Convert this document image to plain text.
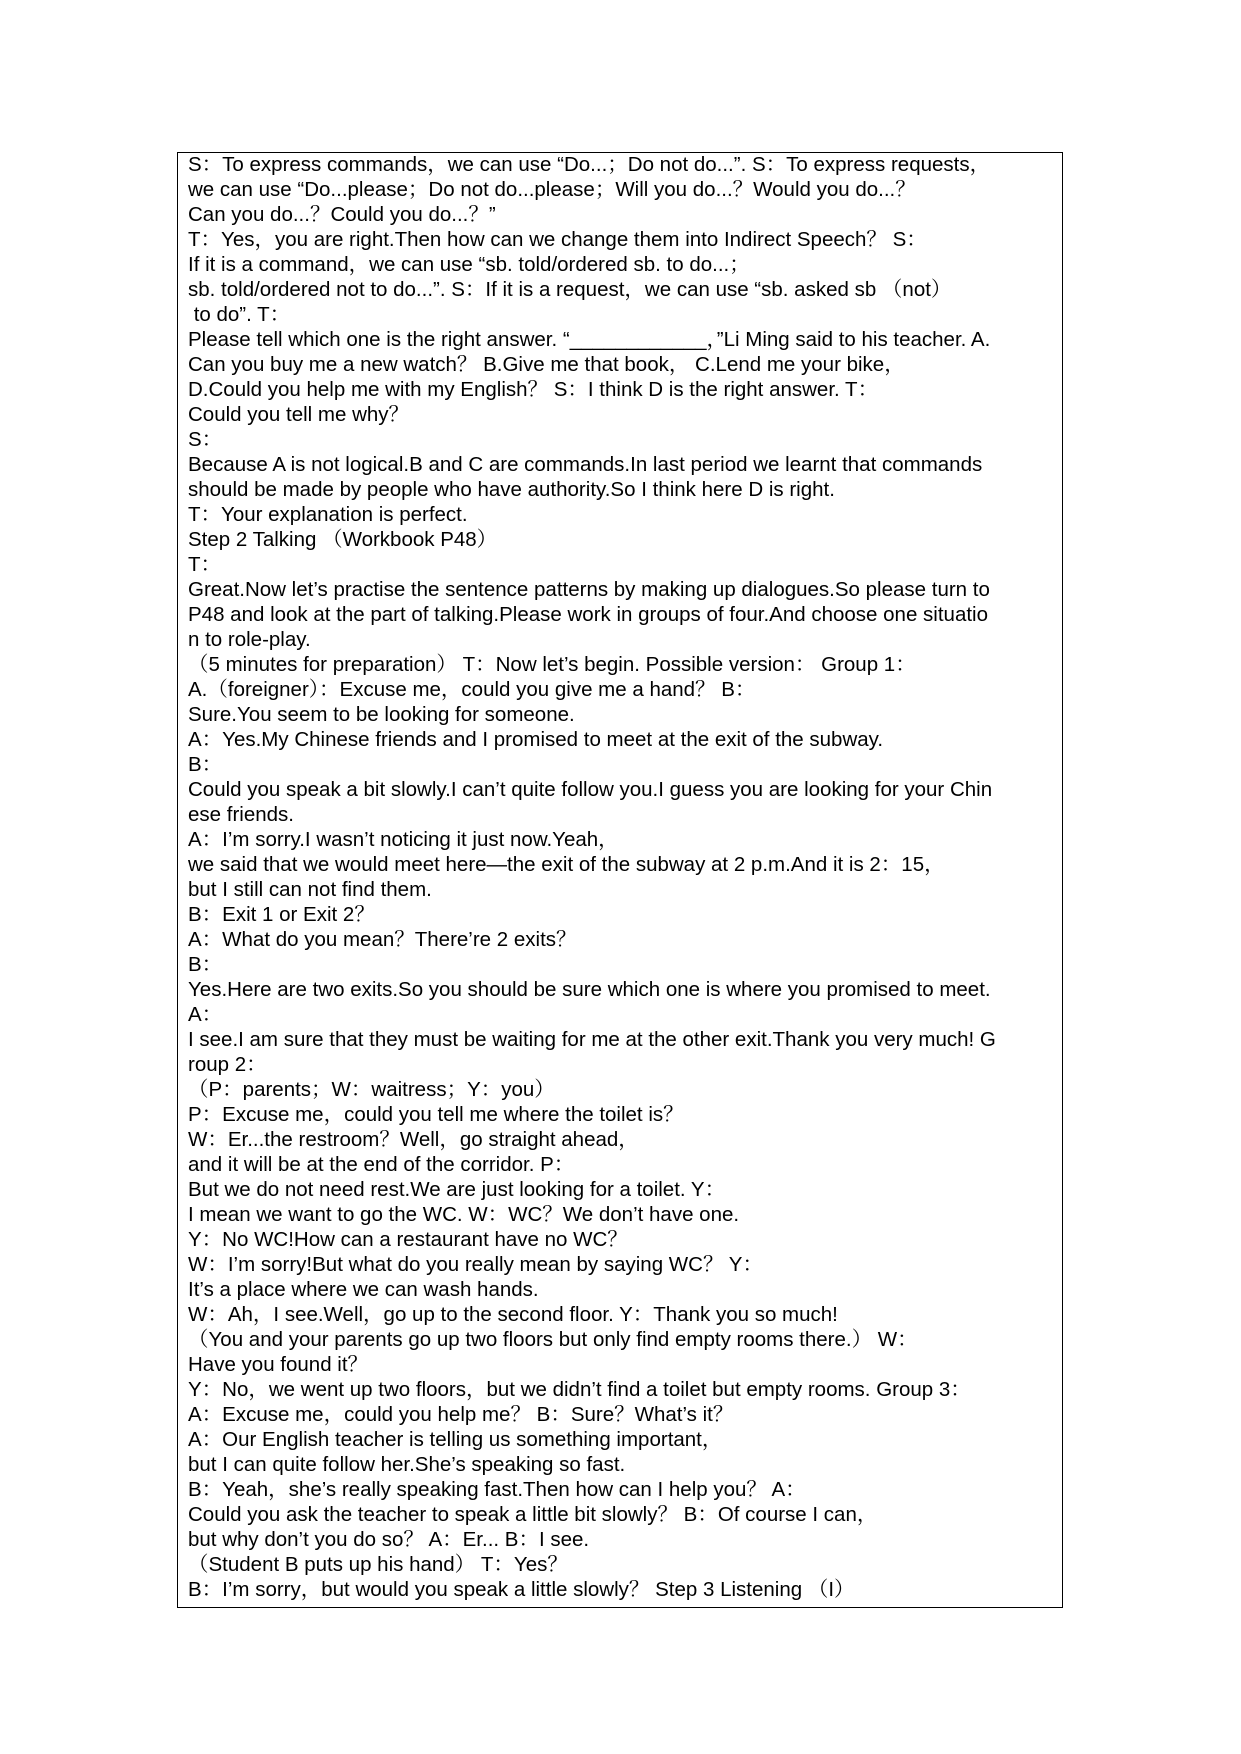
S：To express commands，we can use “Do...；Do not do...”. S：To express requests，
we can use “Do...please；Do not do...please；Will you do...？Would you do...？
Can you do...？Could you do...？”
T：Yes，you are right.Then how can we change them into Indirect Speech？ S：
If it is a command，we can use “sb. told/ordered sb. to do...；
sb. told/ordered not to do...”. S：If it is a request，we can use “sb. asked sb （not）
to do”. T：
Please tell which one is the right answer. “____________，”Li Ming said to his teacher. A.
Can you buy me a new watch？ B.Give me that book， C.Lend me your bike，
D.Could you help me with my English？ S：I think D is the right answer. T：
Could you tell me why？
S：
Because A is not logical.B and C are commands.In last period we learnt that commands
should be made by people who have authority.So I think here D is right.
T：Your explanation is perfect.
Step 2 Talking （Workbook P48）
T：
Great.Now let’s practise the sentence patterns by making up dialogues.So please turn to
P48 and look at the part of talking.Please work in groups of four.And choose one situatio
n to role-play.
（5 minutes for preparation） T：Now let’s begin. Possible version： Group 1：
A.（foreigner）：Excuse me，could you give me a hand？ B：
Sure.You seem to be looking for someone.
A：Yes.My Chinese friends and I promised to meet at the exit of the subway.
B：
Could you speak a bit slowly.I can’t quite follow you.I guess you are looking for your Chin
ese friends.
A：I’m sorry.I wasn’t noticing it just now.Yeah，
we said that we would meet here—the exit of the subway at 2 p.m.And it is 2：15，
but I still can not find them.
B：Exit 1 or Exit 2？
A：What do you mean？There’re 2 exits？
B：
Yes.Here are two exits.So you should be sure which one is where you promised to meet.
A：
I see.I am sure that they must be waiting for me at the other exit.Thank you very much! G
roup 2：
（P：parents；W：waitress；Y：you）
P：Excuse me，could you tell me where the toilet is？
W：Er...the restroom？Well，go straight ahead，
and it will be at the end of the corridor. P：
But we do not need rest.We are just looking for a toilet. Y：
I mean we want to go the WC. W：WC？We don’t have one.
Y：No WC!How can a restaurant have no WC？
W：I’m sorry!But what do you really mean by saying WC？ Y：
It’s a place where we can wash hands.
W：Ah，I see.Well，go up to the second floor. Y：Thank you so much!
（You and your parents go up two floors but only find empty rooms there.） W：
Have you found it？
Y：No，we went up two floors，but we didn’t find a toilet but empty rooms. Group 3：
A：Excuse me，could you help me？ B：Sure？What’s it？
A：Our English teacher is telling us something important，
but I can quite follow her.She’s speaking so fast.
B：Yeah，she’s really speaking fast.Then how can I help you？ A：
Could you ask the teacher to speak a little bit slowly？ B：Of course I can，
but why don’t you do so？ A：Er... B：I see.
（Student B puts up his hand） T：Yes？
B：I’m sorry，but would you speak a little slowly？ Step 3 Listening （I）
